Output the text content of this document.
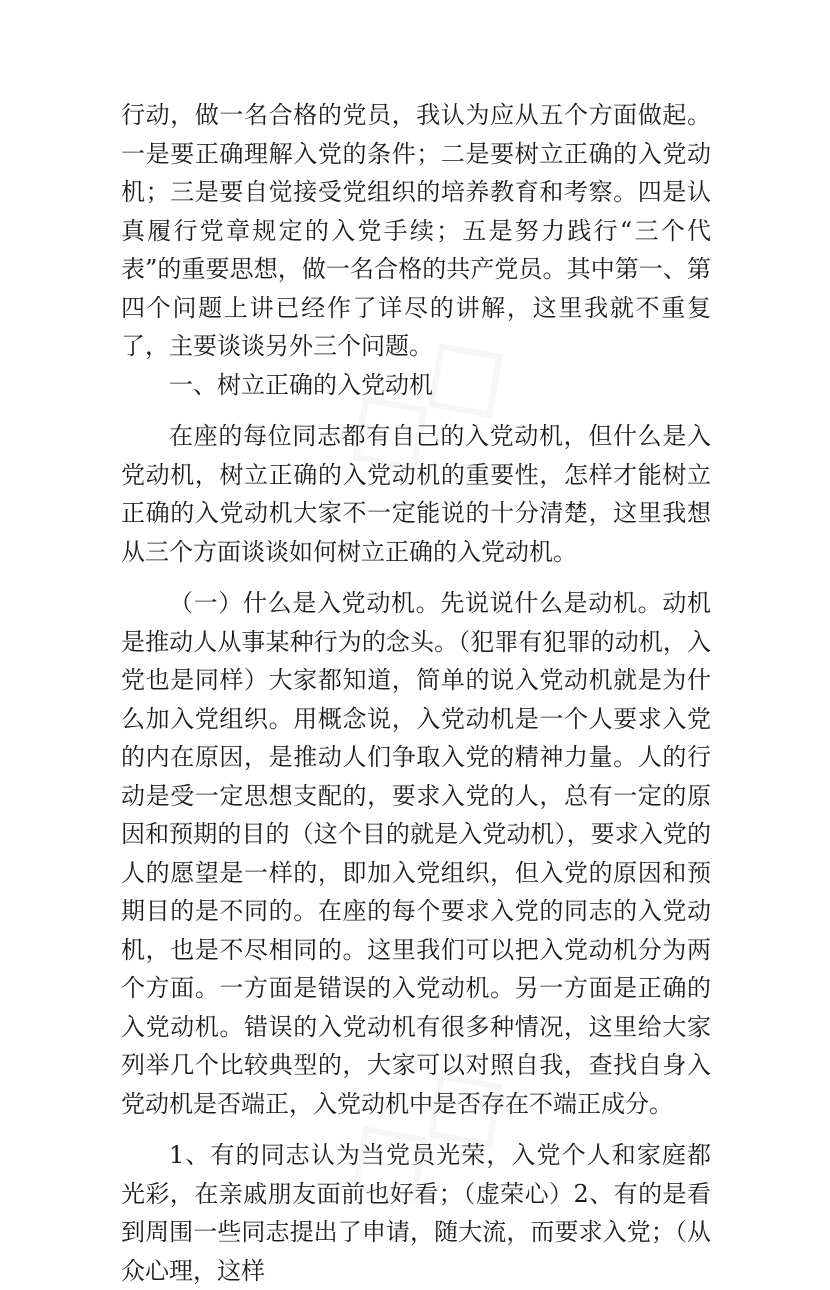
行动，做一名合格的党员，我认为应从五个方面做起。一是要正确理解入党的条件；二是要树立正确的入党动机；三是要自觉接受党组织的培养教育和考察。四是认真履行党章规定的入党手续；五是努力践行“三个代表”的重要思想，做一名合格的共产党员。其中第一、第四个问题上讲已经作了详尽的讲解，这里我就不重复了，主要谈谈另外三个问题。

一、树立正确的入党动机

在座的每位同志都有自己的入党动机，但什么是入党动机，树立正确的入党动机的重要性，怎样才能树立正确的入党动机大家不一定能说的十分清楚，这里我想从三个方面谈谈如何树立正确的入党动机。

（一）什么是入党动机。先说说什么是动机。动机是推动人从事某种行为的念头。（犯罪有犯罪的动机，入党也是同样）大家都知道，简单的说入党动机就是为什么加入党组织。用概念说，入党动机是一个人要求入党的内在原因，是推动人们争取入党的精神力量。人的行动是受一定思想支配的，要求入党的人，总有一定的原因和预期的目的（这个目的就是入党动机），要求入党的人的愿望是一样的，即加入党组织，但入党的原因和预期目的是不同的。在座的每个要求入党的同志的入党动机，也是不尽相同的。这里我们可以把入党动机分为两个方面。一方面是错误的入党动机。另一方面是正确的入党动机。错误的入党动机有很多种情况，这里给大家列举几个比较典型的，大家可以对照自我，查找自身入党动机是否端正，入党动机中是否存在不端正成分。

1、有的同志认为当党员光荣，入党个人和家庭都光彩，在亲戚朋友面前也好看；（虚荣心）2、有的是看到周围一些同志提出了申请，随大流，而要求入党；（从众心理，这样
